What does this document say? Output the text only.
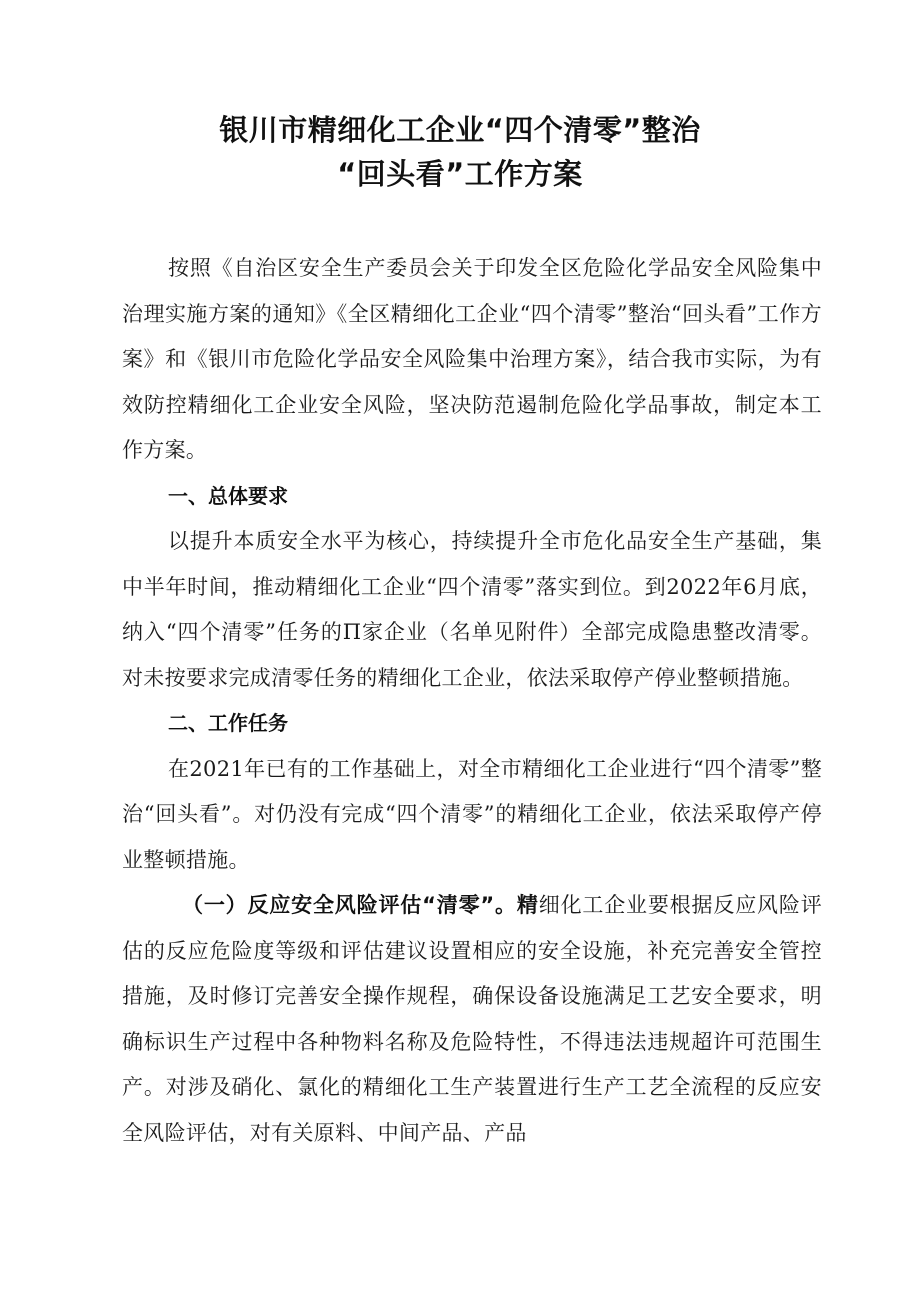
银川市精细化工企业“四个清零”整治
“回头看”工作方案

按照《自治区安全生产委员会关于印发全区危险化学品安全风险集中治理实施方案的通知》《全区精细化工企业“四个清零”整治“回头看”工作方案》和《银川市危险化学品安全风险集中治理方案》，结合我市实际，为有效防控精细化工企业安全风险，坚决防范遏制危险化学品事故，制定本工作方案。

一、总体要求

以提升本质安全水平为核心，持续提升全市危化品安全生产基础，集中半年时间，推动精细化工企业“四个清零”落实到位。到2022年6月底，纳入“四个清零”任务的Π家企业（名单见附件）全部完成隐患整改清零。对未按要求完成清零任务的精细化工企业，依法采取停产停业整顿措施。

二、工作任务

在2021年已有的工作基础上，对全市精细化工企业进行“四个清零”整治“回头看”。对仍没有完成“四个清零”的精细化工企业，依法采取停产停业整顿措施。

（一）反应安全风险评估“清零”。精细化工企业要根据反应风险评估的反应危险度等级和评估建议设置相应的安全设施，补充完善安全管控措施，及时修订完善安全操作规程，确保设备设施满足工艺安全要求，明确标识生产过程中各种物料名称及危险特性，不得违法违规超许可范围生产。对涉及硝化、氯化的精细化工生产装置进行生产工艺全流程的反应安全风险评估，对有关原料、中间产品、产品
